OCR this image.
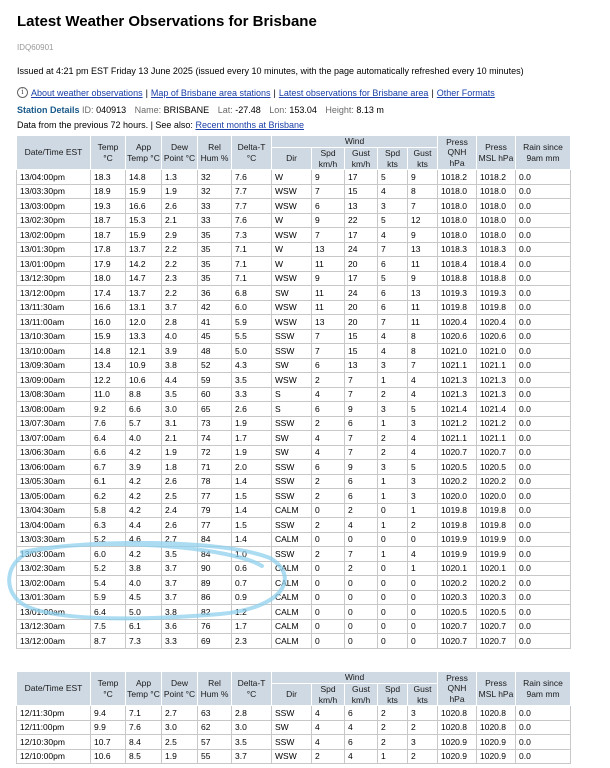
Latest Weather Observations for Brisbane
IDQ60901
Issued at 4:21 pm EST Friday 13 June 2025 (issued every 10 minutes, with the page automatically refreshed every 10 minutes)
i About weather observations | Map of Brisbane area stations | Latest observations for Brisbane area | Other Formats
Station Details ID: 040913 Name: BRISBANE Lat: -27.48 Lon: 153.04 Height: 8.13 m
Data from the previous 72 hours. | See also: Recent months at Brisbane
Date/Time EST	Temp °C	App Temp °C	Dew Point °C	Rel Hum %	Delta-T °C	Wind					Press QNH hPa	Press MSL hPa	Rain since 9am mm
						Dir	Spd km/h	Gust km/h	Spd kts	Gust kts			
13/04:00pm	18.3	14.8	1.3	32	7.6	W	9	17	5	9	1018.2	1018.2	0.0
13/03:30pm	18.9	15.9	1.9	32	7.7	WSW	7	15	4	8	1018.0	1018.0	0.0
13/03:00pm	19.3	16.6	2.6	33	7.7	WSW	6	13	3	7	1018.0	1018.0	0.0
13/02:30pm	18.7	15.3	2.1	33	7.6	W	9	22	5	12	1018.0	1018.0	0.0
13/02:00pm	18.7	15.9	2.9	35	7.3	WSW	7	17	4	9	1018.0	1018.0	0.0
13/01:30pm	17.8	13.7	2.2	35	7.1	W	13	24	7	13	1018.3	1018.3	0.0
13/01:00pm	17.9	14.2	2.2	35	7.1	W	11	20	6	11	1018.4	1018.4	0.0
13/12:30pm	18.0	14.7	2.3	35	7.1	WSW	9	17	5	9	1018.8	1018.8	0.0
13/12:00pm	17.4	13.7	2.2	36	6.8	SW	11	24	6	13	1019.3	1019.3	0.0
13/11:30am	16.6	13.1	3.7	42	6.0	WSW	11	20	6	11	1019.8	1019.8	0.0
13/11:00am	16.0	12.0	2.8	41	5.9	WSW	13	20	7	11	1020.4	1020.4	0.0
13/10:30am	15.9	13.3	4.0	45	5.5	SSW	7	15	4	8	1020.6	1020.6	0.0
13/10:00am	14.8	12.1	3.9	48	5.0	SSW	7	15	4	8	1021.0	1021.0	0.0
13/09:30am	13.4	10.9	3.8	52	4.3	SW	6	13	3	7	1021.1	1021.1	0.0
13/09:00am	12.2	10.6	4.4	59	3.5	WSW	2	7	1	4	1021.3	1021.3	0.0
13/08:30am	11.0	8.8	3.5	60	3.3	S	4	7	2	4	1021.3	1021.3	0.0
13/08:00am	9.2	6.6	3.0	65	2.6	S	6	9	3	5	1021.4	1021.4	0.0
13/07:30am	7.6	5.7	3.1	73	1.9	SSW	2	6	1	3	1021.2	1021.2	0.0
13/07:00am	6.4	4.0	2.1	74	1.7	SW	4	7	2	4	1021.1	1021.1	0.0
13/06:30am	6.6	4.2	1.9	72	1.9	SW	4	7	2	4	1020.7	1020.7	0.0
13/06:00am	6.7	3.9	1.8	71	2.0	SSW	6	9	3	5	1020.5	1020.5	0.0
13/05:30am	6.1	4.2	2.6	78	1.4	SSW	2	6	1	3	1020.2	1020.2	0.0
13/05:00am	6.2	4.2	2.5	77	1.5	SSW	2	6	1	3	1020.0	1020.0	0.0
13/04:30am	5.8	4.2	2.4	79	1.4	CALM	0	2	0	1	1019.8	1019.8	0.0
13/04:00am	6.3	4.4	2.6	77	1.5	SSW	2	4	1	2	1019.8	1019.8	0.0
13/03:30am	5.2	4.6	2.7	84	1.4	CALM	0	0	0	0	1019.9	1019.9	0.0
13/03:00am	6.0	4.2	3.5	84	1.0	SSW	2	7	1	4	1019.9	1019.9	0.0
13/02:30am	5.2	3.8	3.7	90	0.6	CALM	0	2	0	1	1020.1	1020.1	0.0
13/02:00am	5.4	4.0	3.7	89	0.7	CALM	0	0	0	0	1020.2	1020.2	0.0
13/01:30am	5.9	4.5	3.7	86	0.9	CALM	0	0	0	0	1020.3	1020.3	0.0
13/01:00am	6.4	5.0	3.8	82	1.2	CALM	0	0	0	0	1020.5	1020.5	0.0
13/12:30am	7.5	6.1	3.6	76	1.7	CALM	0	0	0	0	1020.7	1020.7	0.0
13/12:00am	8.7	7.3	3.3	69	2.3	CALM	0	0	0	0	1020.7	1020.7	0.0
Date/Time EST	Temp °C	App Temp °C	Dew Point °C	Rel Hum %	Delta-T °C	Wind					Press QNH hPa	Press MSL hPa	Rain since 9am mm
						Dir	Spd km/h	Gust km/h	Spd kts	Gust kts			
12/11:30pm	9.4	7.1	2.7	63	2.8	SSW	4	6	2	3	1020.8	1020.8	0.0
12/11:00pm	9.9	7.6	3.0	62	3.0	SW	4	4	2	2	1020.8	1020.8	0.0
12/10:30pm	10.7	8.4	2.5	57	3.5	SSW	4	6	2	3	1020.9	1020.9	0.0
12/10:00pm	10.6	8.5	1.9	55	3.7	WSW	2	4	1	2	1020.9	1020.9	0.0
